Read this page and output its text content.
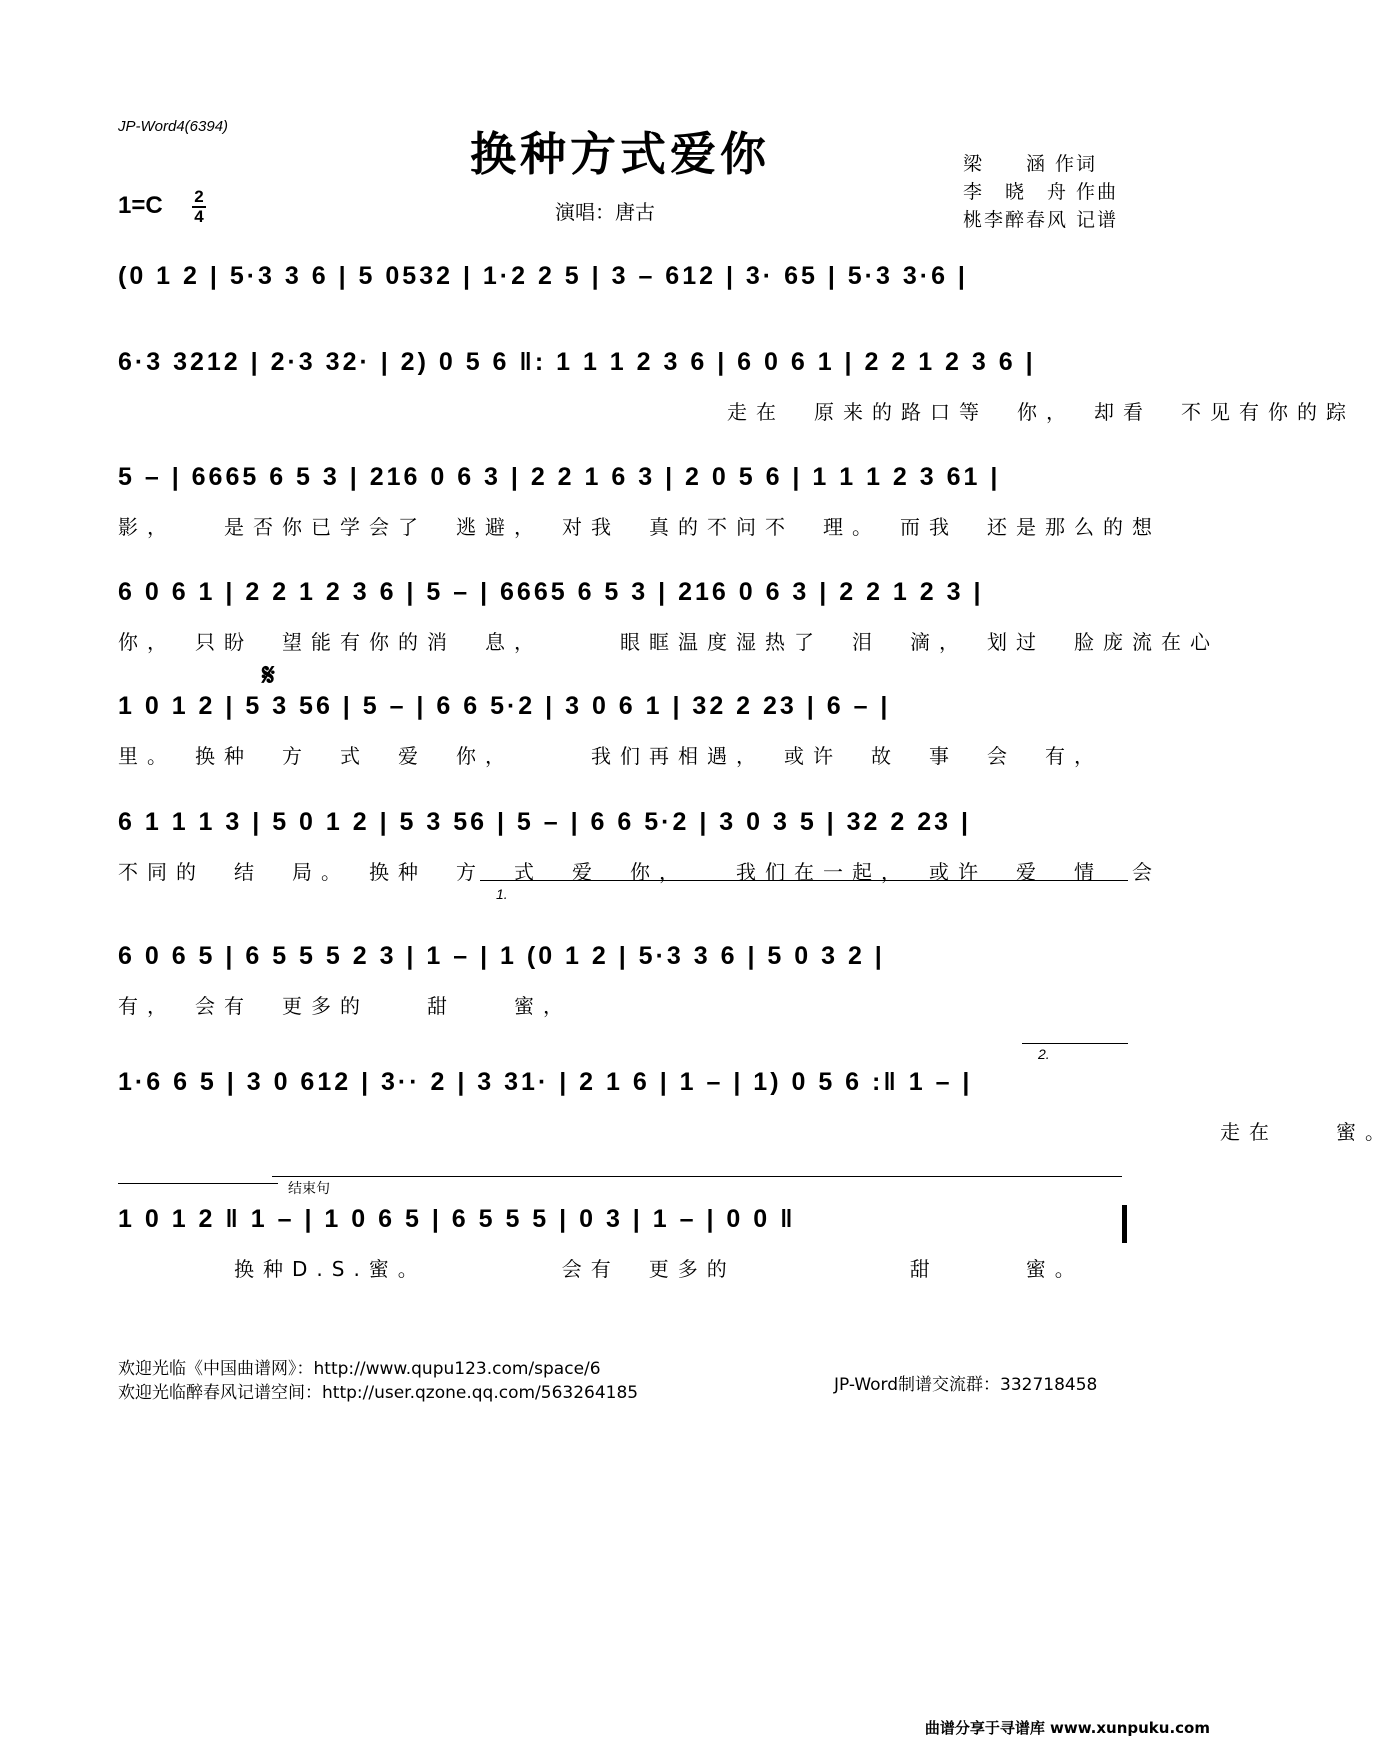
JP-Word4(6394)
换种方式爱你	梁　　涵 作词
李　晓　舟 作曲
桃李醉春风 记谱
1=C 2
4	演唱：唐古
(0 1 2 | 5·3 3 6 | 5 0532 | 1·2 2 5 | 3 – 612 | 3· 65 | 5·3 3·6 |
6·3 3212 | 2·3 32· | 2) 0 5 6 ‖: 1 1 1 2 3 6 | 6 0 6 1 | 2 2 1 2 3 6 |
　　　　　　　　　　　　　　　　　　　　　走在　原来的路口等　你，　却看　不见有你的踪
5 – | 6665 6 5 3 | 216 0 6 3 | 2 2 1 6 3 | 2 0 5 6 | 1 1 1 2 3 61 |
影，　　是否你已学会了　逃避，　对我　真的不问不　理。　而我　还是那么的想
6 0 6 1 | 2 2 1 2 3 6 | 5 – | 6665 6 5 3 | 216 0 6 3 | 2 2 1 2 3 |
你，　只盼　望能有你的消　息，　　　眼眶温度湿热了　泪　滴，　划过　脸庞流在心
𝄋
1 0 1 2 | 5 3 56 | 5 – | 6 6 5·2 | 3 0 6 1 | 32 2 23 | 6 – |
里。　换种　方　式　爱　你，　　　我们再相遇，　或许　故　事　会　有，
6 1 1 1 3 | 5 0 1 2 | 5 3 56 | 5 – | 6 6 5·2 | 3 0 3 5 | 32 2 23 |
不同的　结　局。　换种　方　式　爱　你，　　我们在一起，　或许　爱　情　会
1.
6 0 6 5 | 6 5 5 5 2 3 | 1 – | 1 (0 1 2 | 5·3 3 6 | 5 0 3 2 |
有，　会有　更多的　　甜　　蜜，
2.
1·6 6 5 | 3 0 612 | 3·· 2 | 3 31· | 2 1 6 | 1 – | 1) 0 5 6 :‖ 1 – |
　　　　　　　　　　　　　　　　　　　　　　　　　　　　　　　　　　　　　　走在　　蜜。
结束句
1 0 1 2 ‖ 1 – | 1 0 6 5 | 6 5 5 5 | 0 3 | 1 – | 0 0 ‖
　　　　换种D.S.蜜。　　　　　会有　更多的　　　　　　甜　　　蜜。
欢迎光临《中国曲谱网》：http://www.qupu123.com/space/6
欢迎光临醉春风记谱空间：http://user.qzone.qq.com/563264185	JP-Word制谱交流群：332718458
曲谱分享于寻谱库 www.xunpuku.com
